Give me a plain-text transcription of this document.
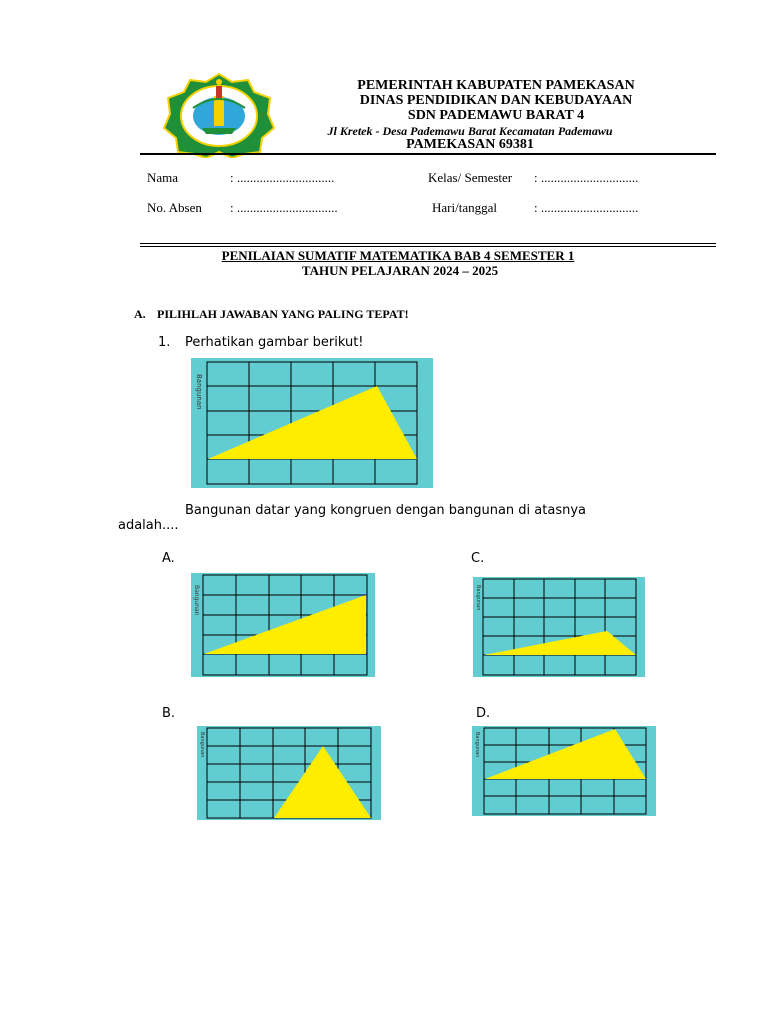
PEMERINTAH KABUPATEN PAMEKASAN
DINAS PENDIDIKAN DAN KEBUDAYAAN
SDN PADEMAWU BARAT 4
Jl Kretek - Desa Pademawu Barat Kecamatan Pademawu
PAMEKASAN 69381
Nama	: ..............................	Kelas/ Semester : ..............................
No. Absen : ...............................	Hari/tanggal	: ..............................
PENILAIAN SUMATIF MATEMATIKA BAB 4 SEMESTER 1
TAHUN PELAJARAN 2024 – 2025
A. PILIHLAH JAWABAN YANG PALING TEPAT!
1. Perhatikan gambar berikut!
Bangunan
Bangunan datar yang kongruen dengan bangunan di atasnya
adalah....
A.
Bangunan
C.
Bangunan
B.
Bangunan
D.
Bangunan
